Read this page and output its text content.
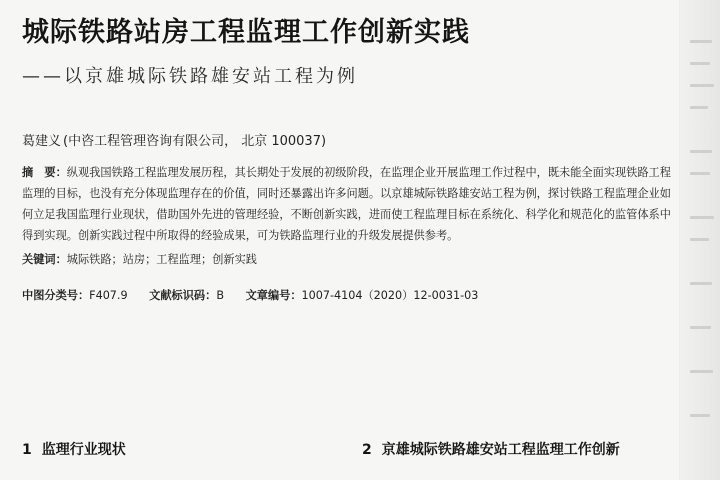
城际铁路站房工程监理工作创新实践
——以京雄城际铁路雄安站工程为例
葛建义 (中咨工程管理咨询有限公司， 北京 100037)
摘　要：纵观我国铁路工程监理发展历程，其长期处于发展的初级阶段，在监理企业开展监理工作过程中，既未能全面实现铁路工程监理的目标，也没有充分体现监理存在的价值，同时还暴露出许多问题。以京雄城际铁路雄安站工程为例，探讨铁路工程监理企业如何立足我国监理行业现状，借助国外先进的管理经验，不断创新实践，进而使工程监理目标在系统化、科学化和规范化的监管体系中得到实现。创新实践过程中所取得的经验成果，可为铁路监理行业的升级发展提供参考。
关键词：城际铁路；站房；工程监理；创新实践
中图分类号：F407.9 文献标识码：B 文章编号：1007-4104（2020）12-0031-03
1 监理行业现状	2 京雄城际铁路雄安站工程监理工作创新
